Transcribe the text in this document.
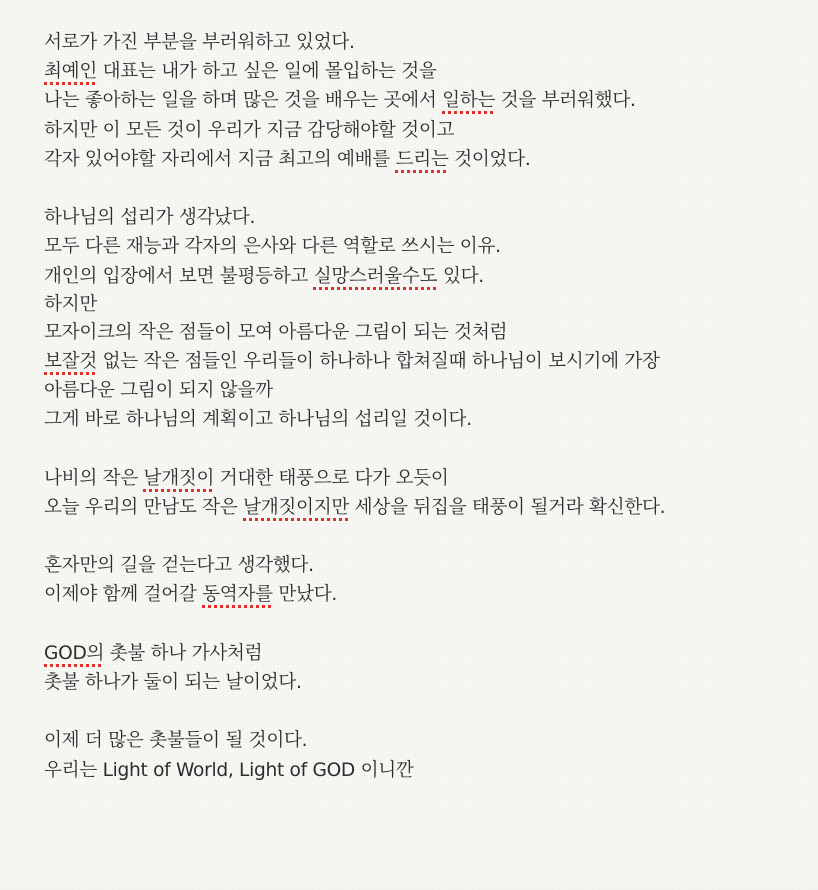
서로가 가진 부분을 부러워하고 있었다.
최예인 대표는 내가 하고 싶은 일에 몰입하는 것을
나는 좋아하는 일을 하며 많은 것을 배우는 곳에서 일하는 것을 부러워했다.
하지만 이 모든 것이 우리가 지금 감당해야할 것이고
각자 있어야할 자리에서 지금 최고의 예배를 드리는 것이었다.
하나님의 섭리가 생각났다.
모두 다른 재능과 각자의 은사와 다른 역할로 쓰시는 이유.
개인의 입장에서 보면 불평등하고 실망스러울수도 있다.
하지만
모자이크의 작은 점들이 모여 아름다운 그림이 되는 것처럼
보잘것 없는 작은 점들인 우리들이 하나하나 합쳐질때 하나님이 보시기에 가장
아름다운 그림이 되지 않을까
그게 바로 하나님의 계획이고 하나님의 섭리일 것이다.
나비의 작은 날개짓이 거대한 태풍으로 다가 오듯이
오늘 우리의 만남도 작은 날개짓이지만 세상을 뒤집을 태풍이 될거라 확신한다.
혼자만의 길을 걷는다고 생각했다.
이제야 함께 걸어갈 동역자를 만났다.
GOD의 촛불 하나 가사처럼
촛불 하나가 둘이 되는 날이었다.
이제 더 많은 촛불들이 될 것이다.
우리는 Light of World, Light of GOD 이니깐
